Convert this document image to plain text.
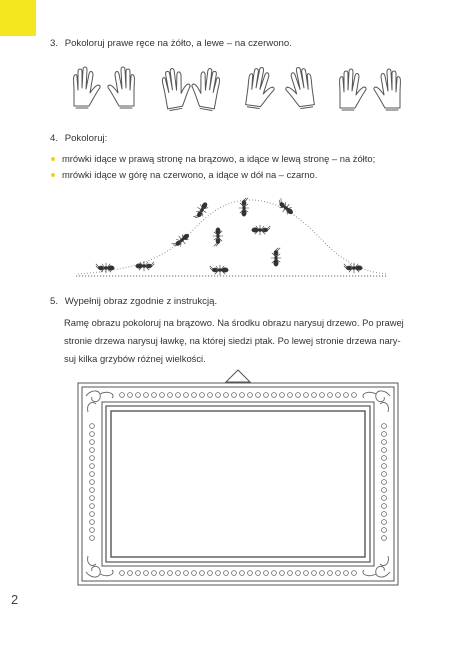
3. Pokoloruj prawe ręce na żółto, a lewe – na czerwono.
4. Pokoloruj:
mrówki idące w prawą stronę na brązowo, a idące w lewą stronę – na żółto;
mrówki idące w górę na czerwono, a idące w dół na – czarno.
5. Wypełnij obraz zgodnie z instrukcją.
Ramę obrazu pokoloruj na brązowo. Na środku obrazu narysuj drzewo. Po prawej
stronie drzewa narysuj ławkę, na której siedzi ptak. Po lewej stronie drzewa nary-
suj kilka grzybów różnej wielkości.
2
